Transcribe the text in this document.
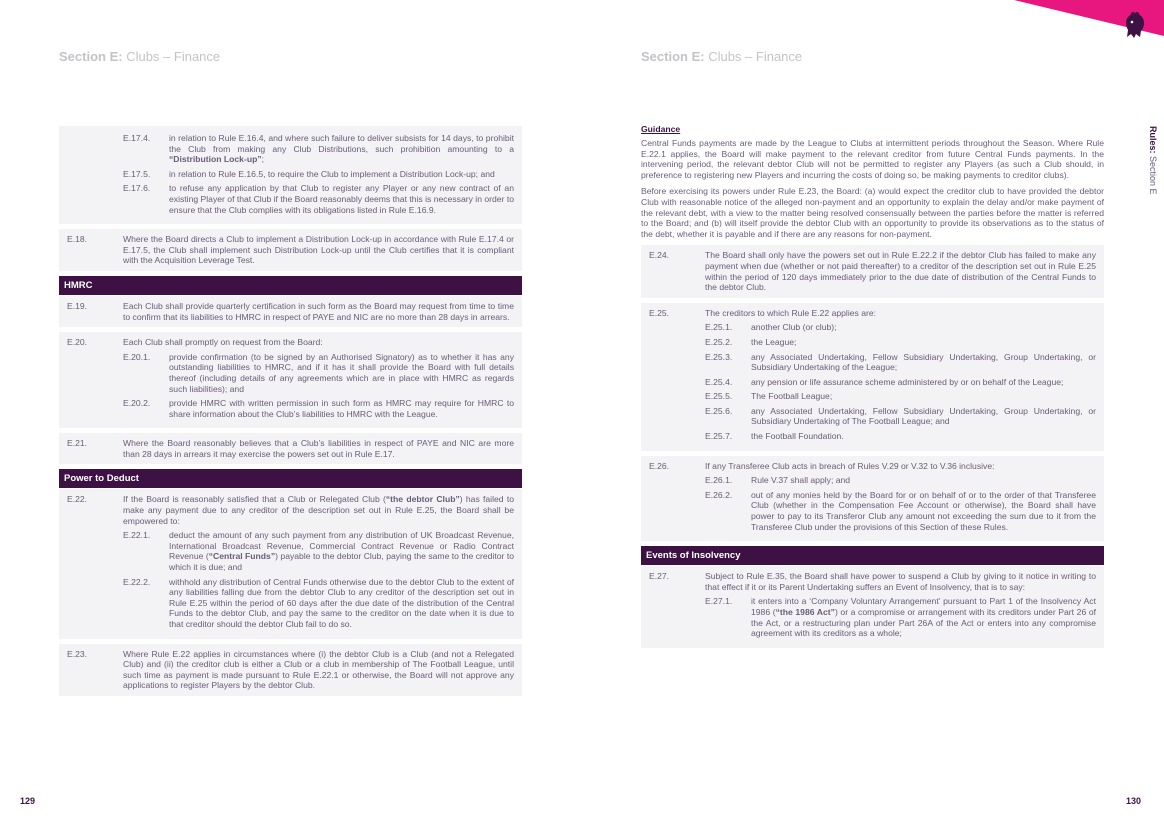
Section E: Clubs – Finance
E.17.4.	in relation to Rule E.16.4, and where such failure to deliver subsists for 14 days, to prohibit the Club from making any Club Distributions, such prohibition amounting to a “Distribution Lock-up”;
E.17.5.	in relation to Rule E.16.5, to require the Club to implement a Distribution Lock-up; and
E.17.6.	to refuse any application by that Club to register any Player or any new contract of an existing Player of that Club if the Board reasonably deems that this is necessary in order to ensure that the Club complies with its obligations listed in Rule E.16.9.
E.18.	Where the Board directs a Club to implement a Distribution Lock-up in accordance with Rule E.17.4 or E.17.5, the Club shall implement such Distribution Lock-up until the Club certifies that it is compliant with the Acquisition Leverage Test.
HMRC
E.19.	Each Club shall provide quarterly certification in such form as the Board may request from time to time to confirm that its liabilities to HMRC in respect of PAYE and NIC are no more than 28 days in arrears.
E.20.	Each Club shall promptly on request from the Board:
E.20.1.	provide confirmation (to be signed by an Authorised Signatory) as to whether it has any outstanding liabilities to HMRC, and if it has it shall provide the Board with full details thereof (including details of any agreements which are in place with HMRC as regards such liabilities); and
E.20.2.	provide HMRC with written permission in such form as HMRC may require for HMRC to share information about the Club’s liabilities to HMRC with the League.
E.21.	Where the Board reasonably believes that a Club’s liabilities in respect of PAYE and NIC are more than 28 days in arrears it may exercise the powers set out in Rule E.17.
Power to Deduct
E.22.	If the Board is reasonably satisfied that a Club or Relegated Club (“the debtor Club”) has failed to make any payment due to any creditor of the description set out in Rule E.25, the Board shall be empowered to:
E.22.1.	deduct the amount of any such payment from any distribution of UK Broadcast Revenue, International Broadcast Revenue, Commercial Contract Revenue or Radio Contract Revenue (“Central Funds”) payable to the debtor Club, paying the same to the creditor to which it is due; and
E.22.2.	withhold any distribution of Central Funds otherwise due to the debtor Club to the extent of any liabilities falling due from the debtor Club to any creditor of the description set out in Rule E.25 within the period of 60 days after the due date of the distribution of the Central Funds to the debtor Club, and pay the same to the creditor on the date when it is due to that creditor should the debtor Club fail to do so.
E.23.	Where Rule E.22 applies in circumstances where (i) the debtor Club is a Club (and not a Relegated Club) and (ii) the creditor club is either a Club or a club in membership of The Football League, until such time as payment is made pursuant to Rule E.22.1 or otherwise, the Board will not approve any applications to register Players by the debtor Club.
129
Section E: Clubs – Finance
Rules: Section E
Guidance

Central Funds payments are made by the League to Clubs at intermittent periods throughout the Season. Where Rule E.22.1 applies, the Board will make payment to the relevant creditor from future Central Funds payments. In the intervening period, the relevant debtor Club will not be permitted to register any Players (as such a Club should, in preference to registering new Players and incurring the costs of doing so, be making payments to creditor clubs).

Before exercising its powers under Rule E.23, the Board: (a) would expect the creditor club to have provided the debtor Club with reasonable notice of the alleged non-payment and an opportunity to explain the delay and/or make payment of the relevant debt, with a view to the matter being resolved consensually between the parties before the matter is referred to the Board; and (b) will itself provide the debtor Club with an opportunity to provide its observations as to the status of the debt, whether it is payable and if there are any reasons for non-payment.

E.24.	The Board shall only have the powers set out in Rule E.22.2 if the debtor Club has failed to make any payment when due (whether or not paid thereafter) to a creditor of the description set out in Rule E.25 within the period of 120 days immediately prior to the due date of distribution of the Central Funds to the debtor Club.
E.25.	The creditors to which Rule E.22 applies are:
E.25.1.	another Club (or club);
E.25.2.	the League;
E.25.3.	any Associated Undertaking, Fellow Subsidiary Undertaking, Group Undertaking, or Subsidiary Undertaking of the League;
E.25.4.	any pension or life assurance scheme administered by or on behalf of the League;
E.25.5.	The Football League;
E.25.6.	any Associated Undertaking, Fellow Subsidiary Undertaking, Group Undertaking, or Subsidiary Undertaking of The Football League; and
E.25.7.	the Football Foundation.
E.26.	If any Transferee Club acts in breach of Rules V.29 or V.32 to V.36 inclusive:
E.26.1.	Rule V.37 shall apply; and
E.26.2.	out of any monies held by the Board for or on behalf of or to the order of that Transferee Club (whether in the Compensation Fee Account or otherwise), the Board shall have power to pay to its Transferor Club any amount not exceeding the sum due to it from the Transferee Club under the provisions of this Section of these Rules.
Events of Insolvency
E.27.	Subject to Rule E.35, the Board shall have power to suspend a Club by giving to it notice in writing to that effect if it or its Parent Undertaking suffers an Event of Insolvency, that is to say:
E.27.1.	it enters into a ‘Company Voluntary Arrangement’ pursuant to Part 1 of the Insolvency Act 1986 (“the 1986 Act”) or a compromise or arrangement with its creditors under Part 26 of the Act, or a restructuring plan under Part 26A of the Act or enters into any compromise agreement with its creditors as a whole;
130
